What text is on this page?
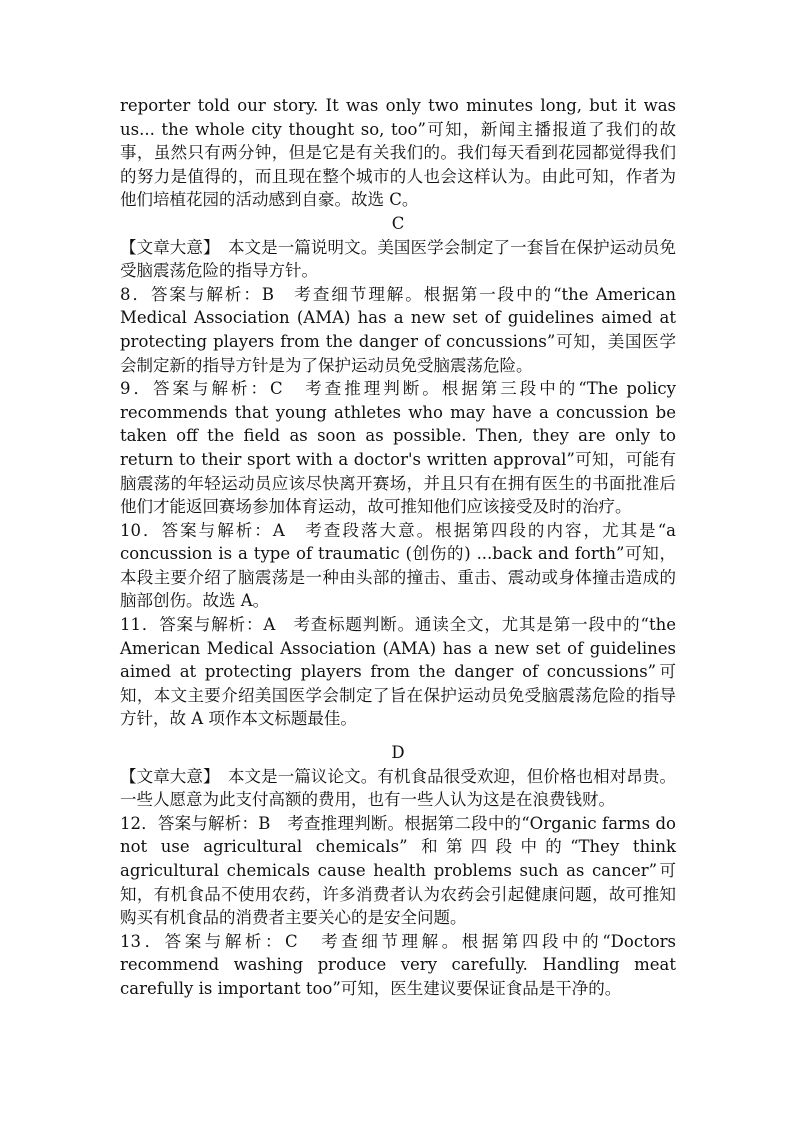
reporter told our story. It was only two minutes long, but it was us... the whole city thought so, too”可知，新闻主播报道了我们的故事，虽然只有两分钟，但是它是有关我们的。我们每天看到花园都觉得我们的努力是值得的，而且现在整个城市的人也会这样认为。由此可知，作者为他们培植花园的活动感到自豪。故选 C。

C

【文章大意】　本文是一篇说明文。美国医学会制定了一套旨在保护运动员免受脑震荡危险的指导方针。

8．答案与解析：B　考查细节理解。根据第一段中的“the American Medical Association (AMA) has a new set of guidelines aimed at protecting players from the danger of concussions”可知，美国医学会制定新的指导方针是为了保护运动员免受脑震荡危险。

9．答案与解析：C　考查推理判断。根据第三段中的“The policy recommends that young athletes who may have a concussion be taken off the field as soon as possible. Then, they are only to return to their sport with a doctor's written approval”可知，可能有脑震荡的年轻运动员应该尽快离开赛场，并且只有在拥有医生的书面批准后他们才能返回赛场参加体育运动，故可推知他们应该接受及时的治疗。

10．答案与解析：A　考查段落大意。根据第四段的内容，尤其是“a concussion is a type of traumatic (创伤的) ...back and forth”可知，本段主要介绍了脑震荡是一种由头部的撞击、重击、震动或身体撞击造成的脑部创伤。故选 A。

11．答案与解析：A　考查标题判断。通读全文，尤其是第一段中的“the American Medical Association (AMA) has a new set of guidelines aimed at protecting players from the danger of concussions”可知，本文主要介绍美国医学会制定了旨在保护运动员免受脑震荡危险的指导方针，故 A 项作本文标题最佳。

D

【文章大意】　本文是一篇议论文。有机食品很受欢迎，但价格也相对昂贵。一些人愿意为此支付高额的费用，也有一些人认为这是在浪费钱财。

12．答案与解析：B　考查推理判断。根据第二段中的“Organic farms do not use agricultural chemicals” 和第四段中的“They think agricultural chemicals cause health problems such as cancer”可知，有机食品不使用农药，许多消费者认为农药会引起健康问题，故可推知购买有机食品的消费者主要关心的是安全问题。

13．答案与解析：C　考查细节理解。根据第四段中的“Doctors recommend washing produce very carefully. Handling meat carefully is important too”可知，医生建议要保证食品是干净的。
